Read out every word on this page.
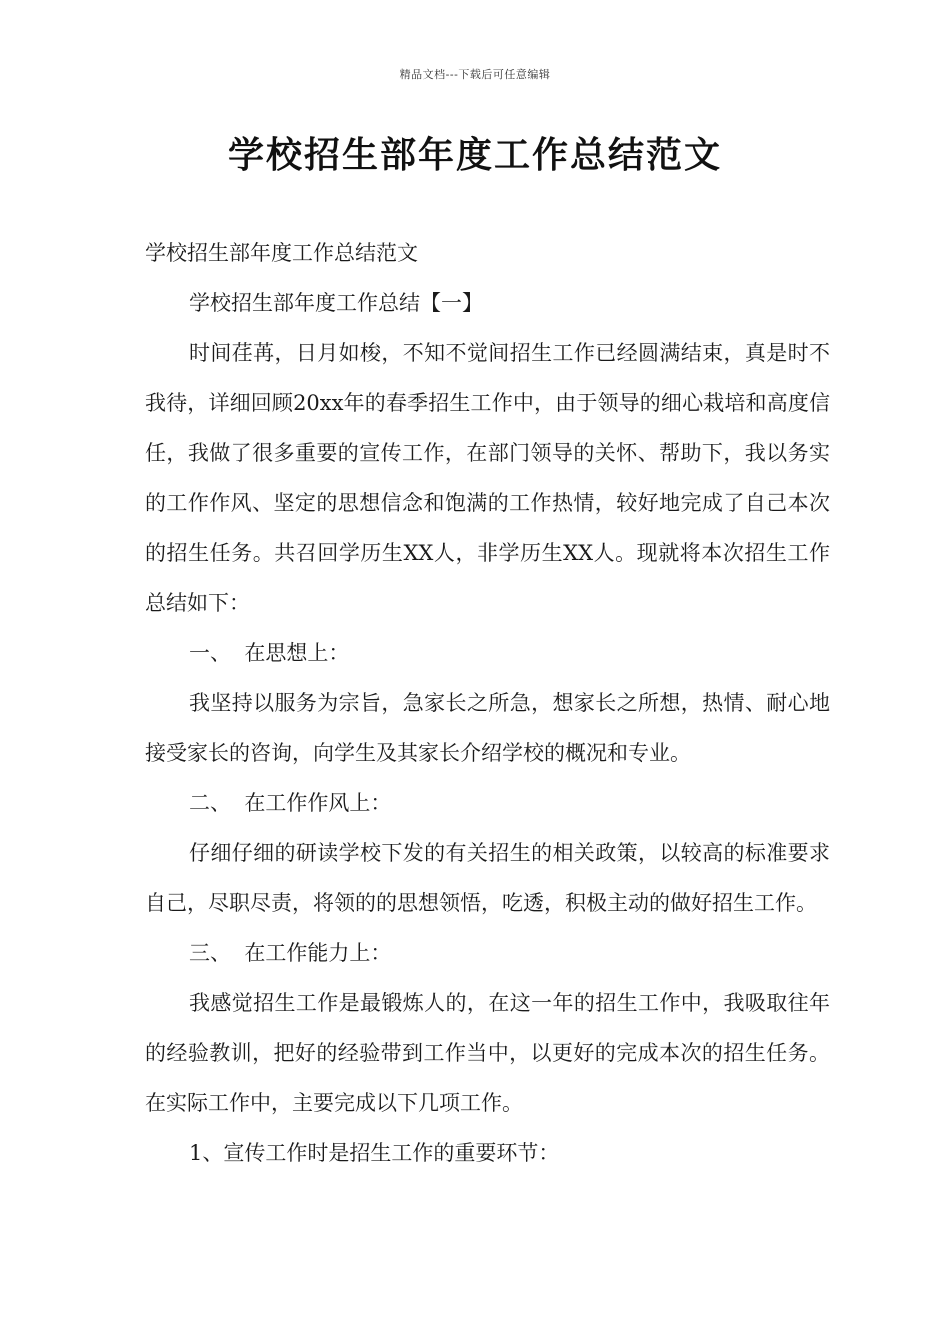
精品文档---下载后可任意编辑
学校招生部年度工作总结范文

学校招生部年度工作总结范文

学校招生部年度工作总结【一】

时间荏苒，日月如梭，不知不觉间招生工作已经圆满结束，真是时不我待，详细回顾20xx年的春季招生工作中，由于领导的细心栽培和高度信任，我做了很多重要的宣传工作，在部门领导的关怀、帮助下，我以务实的工作作风、坚定的思想信念和饱满的工作热情，较好地完成了自己本次的招生任务。共召回学历生XX人，非学历生XX人。现就将本次招生工作总结如下：

一、  在思想上：

我坚持以服务为宗旨，急家长之所急，想家长之所想，热情、耐心地接受家长的咨询，向学生及其家长介绍学校的概况和专业。

二、  在工作作风上：

仔细仔细的研读学校下发的有关招生的相关政策，以较高的标准要求自己，尽职尽责，将领的的思想领悟，吃透，积极主动的做好招生工作。

三、  在工作能力上：

我感觉招生工作是最锻炼人的，在这一年的招生工作中，我吸取往年的经验教训，把好的经验带到工作当中，以更好的完成本次的招生任务。 在实际工作中，主要完成以下几项工作。

1、宣传工作时是招生工作的重要环节：
